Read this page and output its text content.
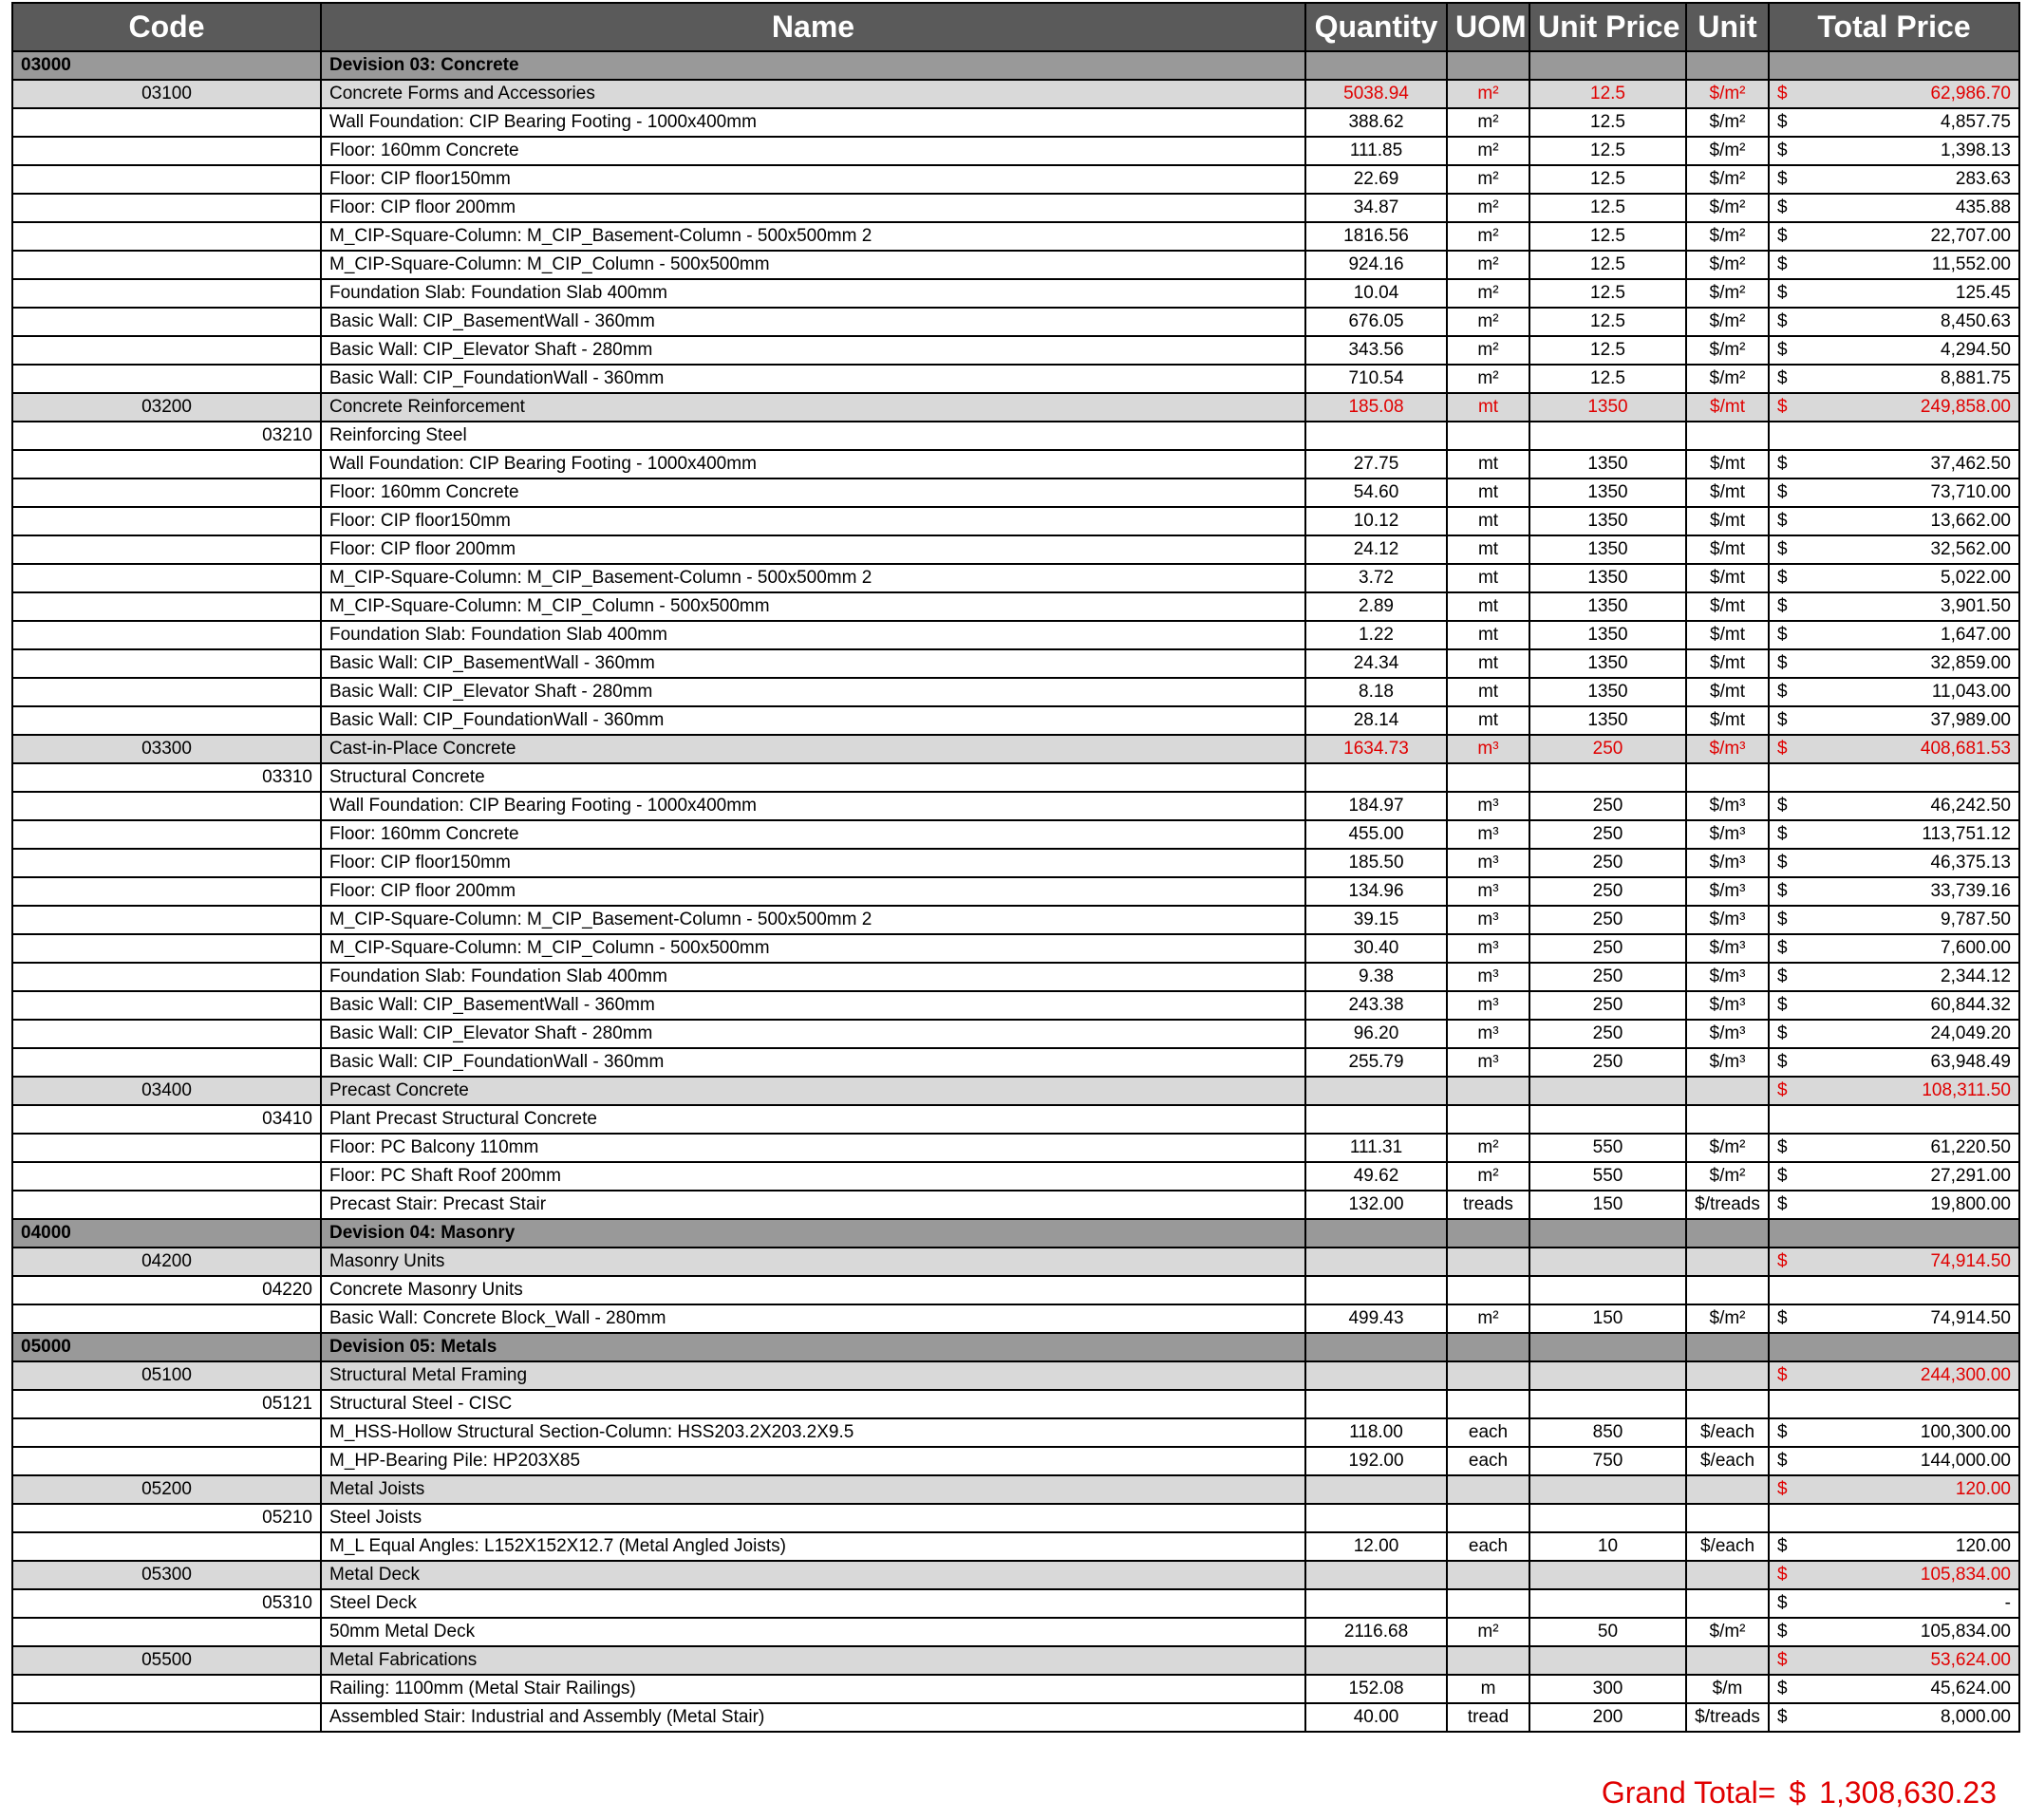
Code	Name	Quantity	UOM	Unit Price	Unit	Total Price
03000	Devision 03: Concrete					
03100	Concrete Forms and Accessories	5038.94	m²	12.5	$/m²	$ 62,986.70

	Wall Foundation: CIP Bearing Footing - 1000x400mm	388.62	m²	12.5	$/m²	$ 4,857.75

	Floor: 160mm Concrete	111.85	m²	12.5	$/m²	$ 1,398.13

	Floor: CIP floor150mm	22.69	m²	12.5	$/m²	$ 283.63

	Floor: CIP floor 200mm	34.87	m²	12.5	$/m²	$ 435.88

	M_CIP-Square-Column: M_CIP_Basement-Column - 500x500mm 2	1816.56	m²	12.5	$/m²	$ 22,707.00

	M_CIP-Square-Column: M_CIP_Column - 500x500mm	924.16	m²	12.5	$/m²	$ 11,552.00

	Foundation Slab: Foundation Slab 400mm	10.04	m²	12.5	$/m²	$ 125.45

	Basic Wall: CIP_BasementWall - 360mm	676.05	m²	12.5	$/m²	$ 8,450.63

	Basic Wall: CIP_Elevator Shaft - 280mm	343.56	m²	12.5	$/m²	$ 4,294.50

	Basic Wall: CIP_FoundationWall - 360mm	710.54	m²	12.5	$/m²	$ 8,881.75

03200	Concrete Reinforcement	185.08	mt	1350	$/mt	$ 249,858.00

03210	Reinforcing Steel					
	Wall Foundation: CIP Bearing Footing - 1000x400mm	27.75	mt	1350	$/mt	$ 37,462.50

	Floor: 160mm Concrete	54.60	mt	1350	$/mt	$ 73,710.00

	Floor: CIP floor150mm	10.12	mt	1350	$/mt	$ 13,662.00

	Floor: CIP floor 200mm	24.12	mt	1350	$/mt	$ 32,562.00

	M_CIP-Square-Column: M_CIP_Basement-Column - 500x500mm 2	3.72	mt	1350	$/mt	$ 5,022.00

	M_CIP-Square-Column: M_CIP_Column - 500x500mm	2.89	mt	1350	$/mt	$ 3,901.50

	Foundation Slab: Foundation Slab 400mm	1.22	mt	1350	$/mt	$ 1,647.00

	Basic Wall: CIP_BasementWall - 360mm	24.34	mt	1350	$/mt	$ 32,859.00

	Basic Wall: CIP_Elevator Shaft - 280mm	8.18	mt	1350	$/mt	$ 11,043.00

	Basic Wall: CIP_FoundationWall - 360mm	28.14	mt	1350	$/mt	$ 37,989.00

03300	Cast-in-Place Concrete	1634.73	m³	250	$/m³	$ 408,681.53

03310	Structural Concrete					
	Wall Foundation: CIP Bearing Footing - 1000x400mm	184.97	m³	250	$/m³	$ 46,242.50

	Floor: 160mm Concrete	455.00	m³	250	$/m³	$ 113,751.12

	Floor: CIP floor150mm	185.50	m³	250	$/m³	$ 46,375.13

	Floor: CIP floor 200mm	134.96	m³	250	$/m³	$ 33,739.16

	M_CIP-Square-Column: M_CIP_Basement-Column - 500x500mm 2	39.15	m³	250	$/m³	$ 9,787.50

	M_CIP-Square-Column: M_CIP_Column - 500x500mm	30.40	m³	250	$/m³	$ 7,600.00

	Foundation Slab: Foundation Slab 400mm	9.38	m³	250	$/m³	$ 2,344.12

	Basic Wall: CIP_BasementWall - 360mm	243.38	m³	250	$/m³	$ 60,844.32

	Basic Wall: CIP_Elevator Shaft - 280mm	96.20	m³	250	$/m³	$ 24,049.20

	Basic Wall: CIP_FoundationWall - 360mm	255.79	m³	250	$/m³	$ 63,948.49

03400	Precast Concrete					$ 108,311.50

03410	Plant Precast Structural Concrete					
	Floor: PC Balcony 110mm	111.31	m²	550	$/m²	$ 61,220.50

	Floor: PC Shaft Roof 200mm	49.62	m²	550	$/m²	$ 27,291.00

	Precast Stair: Precast Stair	132.00	treads	150	$/treads	$ 19,800.00

04000	Devision 04: Masonry					
04200	Masonry Units					$ 74,914.50

04220	Concrete Masonry Units					
	Basic Wall: Concrete Block_Wall - 280mm	499.43	m²	150	$/m²	$ 74,914.50

05000	Devision 05: Metals					
05100	Structural Metal Framing					$ 244,300.00

05121	Structural Steel - CISC					
	M_HSS-Hollow Structural Section-Column: HSS203.2X203.2X9.5	118.00	each	850	$/each	$ 100,300.00

	M_HP-Bearing Pile: HP203X85	192.00	each	750	$/each	$ 144,000.00

05200	Metal Joists					$ 120.00

05210	Steel Joists					
	M_L Equal Angles: L152X152X12.7 (Metal Angled Joists)	12.00	each	10	$/each	$ 120.00

05300	Metal Deck					$ 105,834.00

05310	Steel Deck					$ -

	50mm Metal Deck	2116.68	m²	50	$/m²	$ 105,834.00

05500	Metal Fabrications					$ 53,624.00

	Railing: 1100mm (Metal Stair Railings)	152.08	m	300	$/m	$ 45,624.00

	Assembled Stair: Industrial and Assembly (Metal Stair)	40.00	tread	200	$/treads	$ 8,000.00
Grand Total= $ 1,308,630.23
